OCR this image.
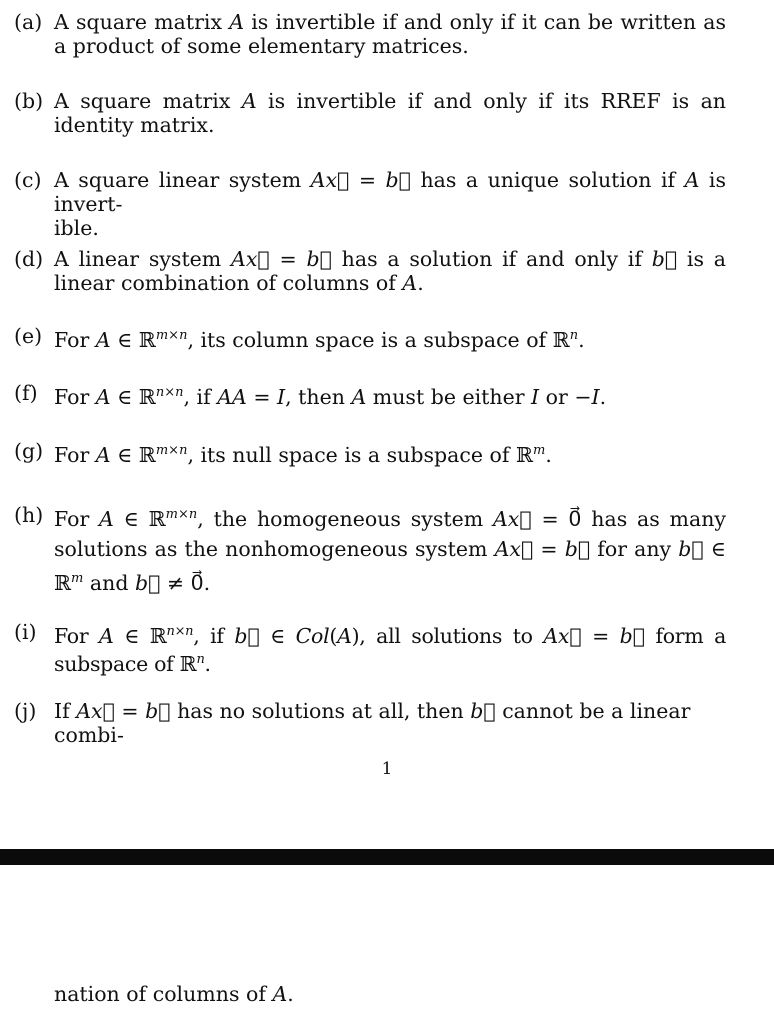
(a) A square matrix A is invertible if and only if it can be written as a product of some elementary matrices.
(b) A square matrix A is invertible if and only if its RREF is an identity matrix.
(c) A square linear system Ax⃗ = b⃗ has a unique solution if A is invert-
ible.
(d) A linear system Ax⃗ = b⃗ has a solution if and only if b⃗ is a linear combination of columns of A.
(e) For A ∈ ℝ$^{m\times n}$, its column space is a subspace of ℝ$^n$.
(f) For A ∈ ℝ$^{n\times n}$, if AA = I, then A must be either I or −I.
(g) For A ∈ ℝ$^{m\times n}$, its null space is a subspace of ℝ$^m$.
(h) For A ∈ ℝ$^{m\times n}$, the homogeneous system Ax⃗ = 0⃗ has as many solutions as the nonhomogeneous system Ax⃗ = b⃗ for any b⃗ ∈ ℝ$^m$ and b⃗ ≠ 0⃗.
(i) For A ∈ ℝ$^{n\times n}$, if b⃗ ∈ Col(A), all solutions to Ax⃗ = b⃗ form a subspace of ℝ$^n$.
(j) If Ax⃗ = b⃗ has no solutions at all, then b⃗ cannot be a linear combi-
1
nation of columns of A.
